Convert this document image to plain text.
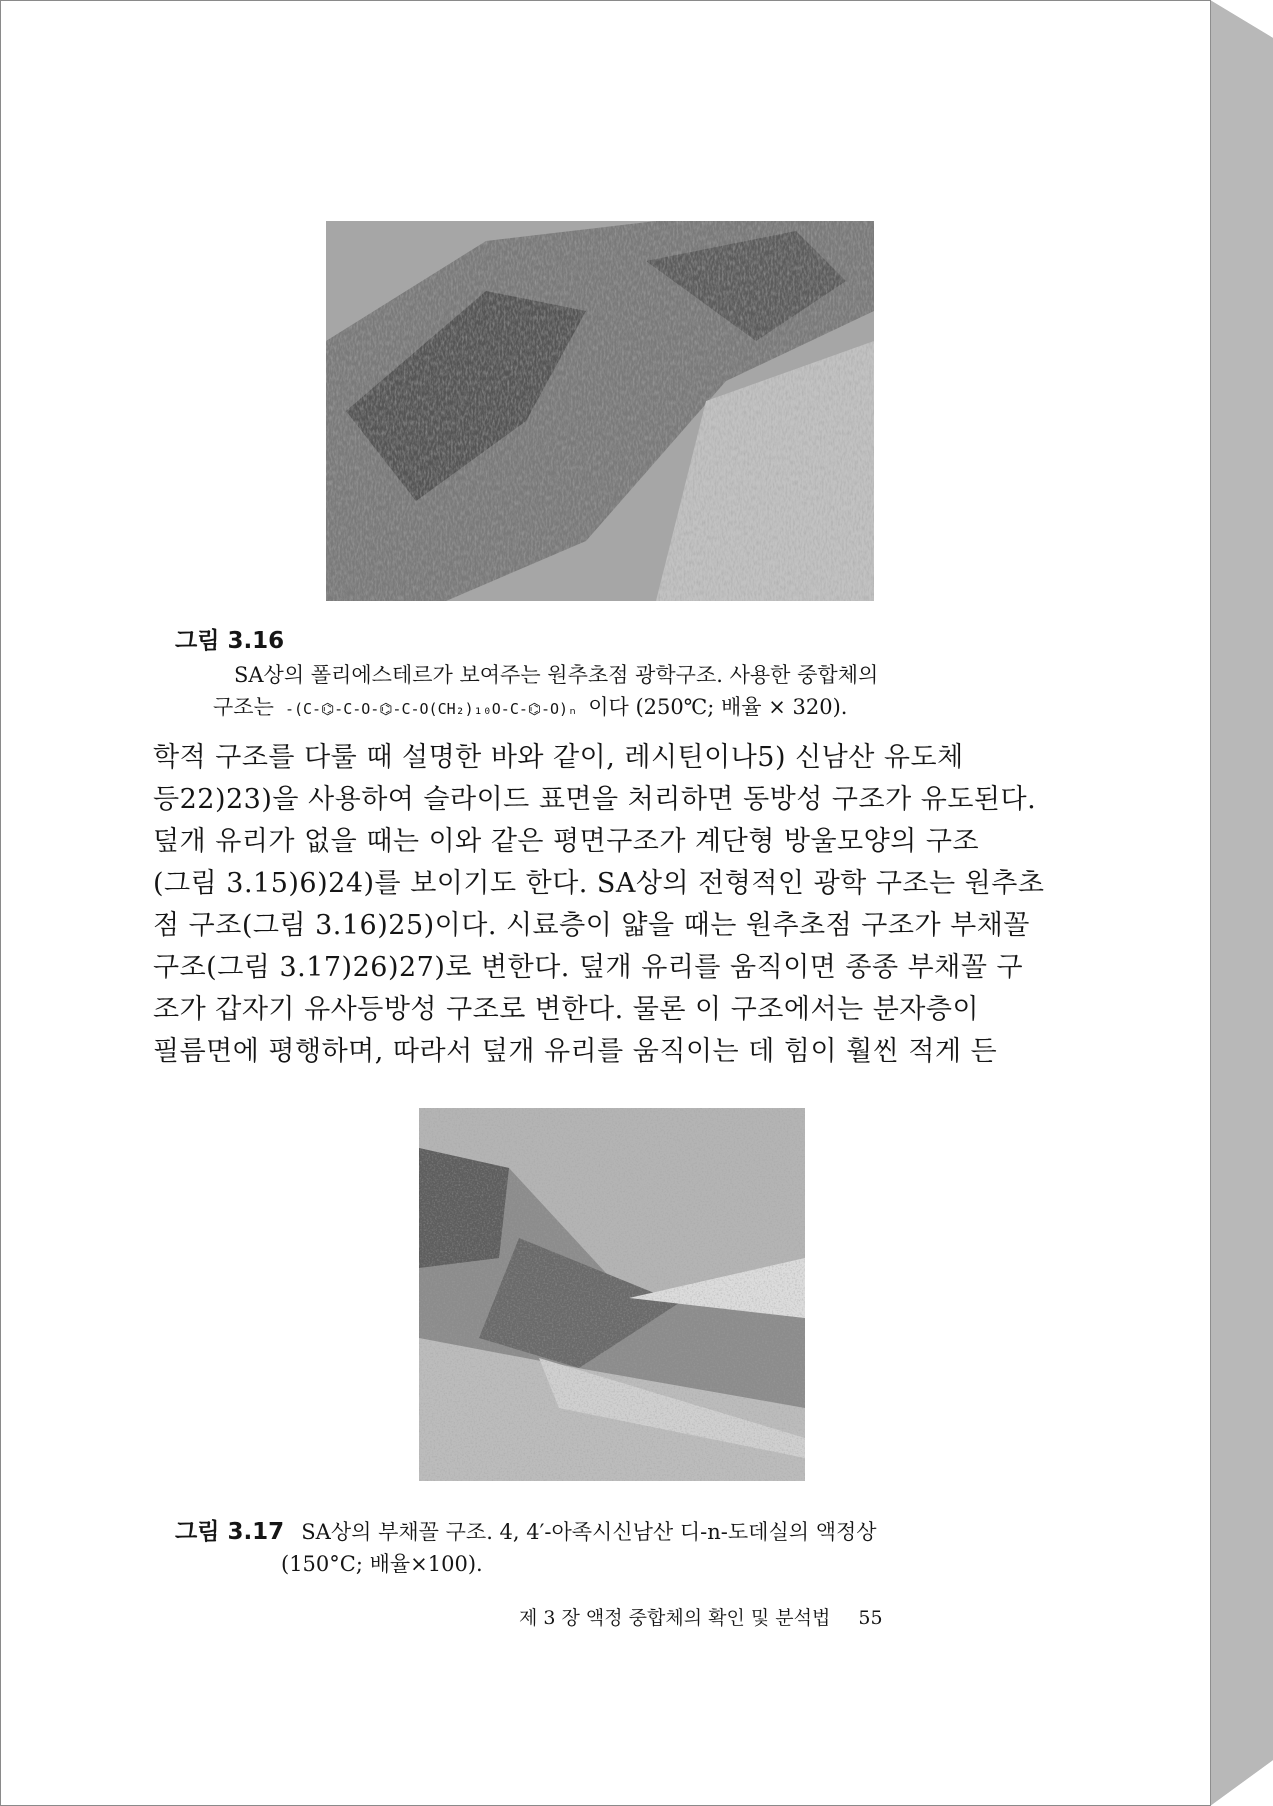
그림 3.16
SA상의 폴리에스테르가 보여주는 원추초점 광학구조. 사용한 중합체의
구조는 -(C-⌬-C-O-⌬-C-O(CH₂)₁₀O-C-⌬-O)ₙ 이다 (250℃; 배율 × 320).
학적 구조를 다룰 때 설명한 바와 같이, 레시틴이나5) 신남산 유도체
등22)23)을 사용하여 슬라이드 표면을 처리하면 동방성 구조가 유도된다.
덮개 유리가 없을 때는 이와 같은 평면구조가 계단형 방울모양의 구조
(그림 3.15)6)24)를 보이기도 한다. SA상의 전형적인 광학 구조는 원추초
점 구조(그림 3.16)25)이다. 시료층이 얇을 때는 원추초점 구조가 부채꼴
구조(그림 3.17)26)27)로 변한다. 덮개 유리를 움직이면 종종 부채꼴 구
조가 갑자기 유사등방성 구조로 변한다. 물론 이 구조에서는 분자층이
필름면에 평행하며, 따라서 덮개 유리를 움직이는 데 힘이 훨씬 적게 든
그림 3.17 SA상의 부채꼴 구조. 4, 4′-아족시신남산 디-n-도데실의 액정상
(150°C; 배율×100).
제 3 장 액정 중합체의 확인 및 분석법 55
